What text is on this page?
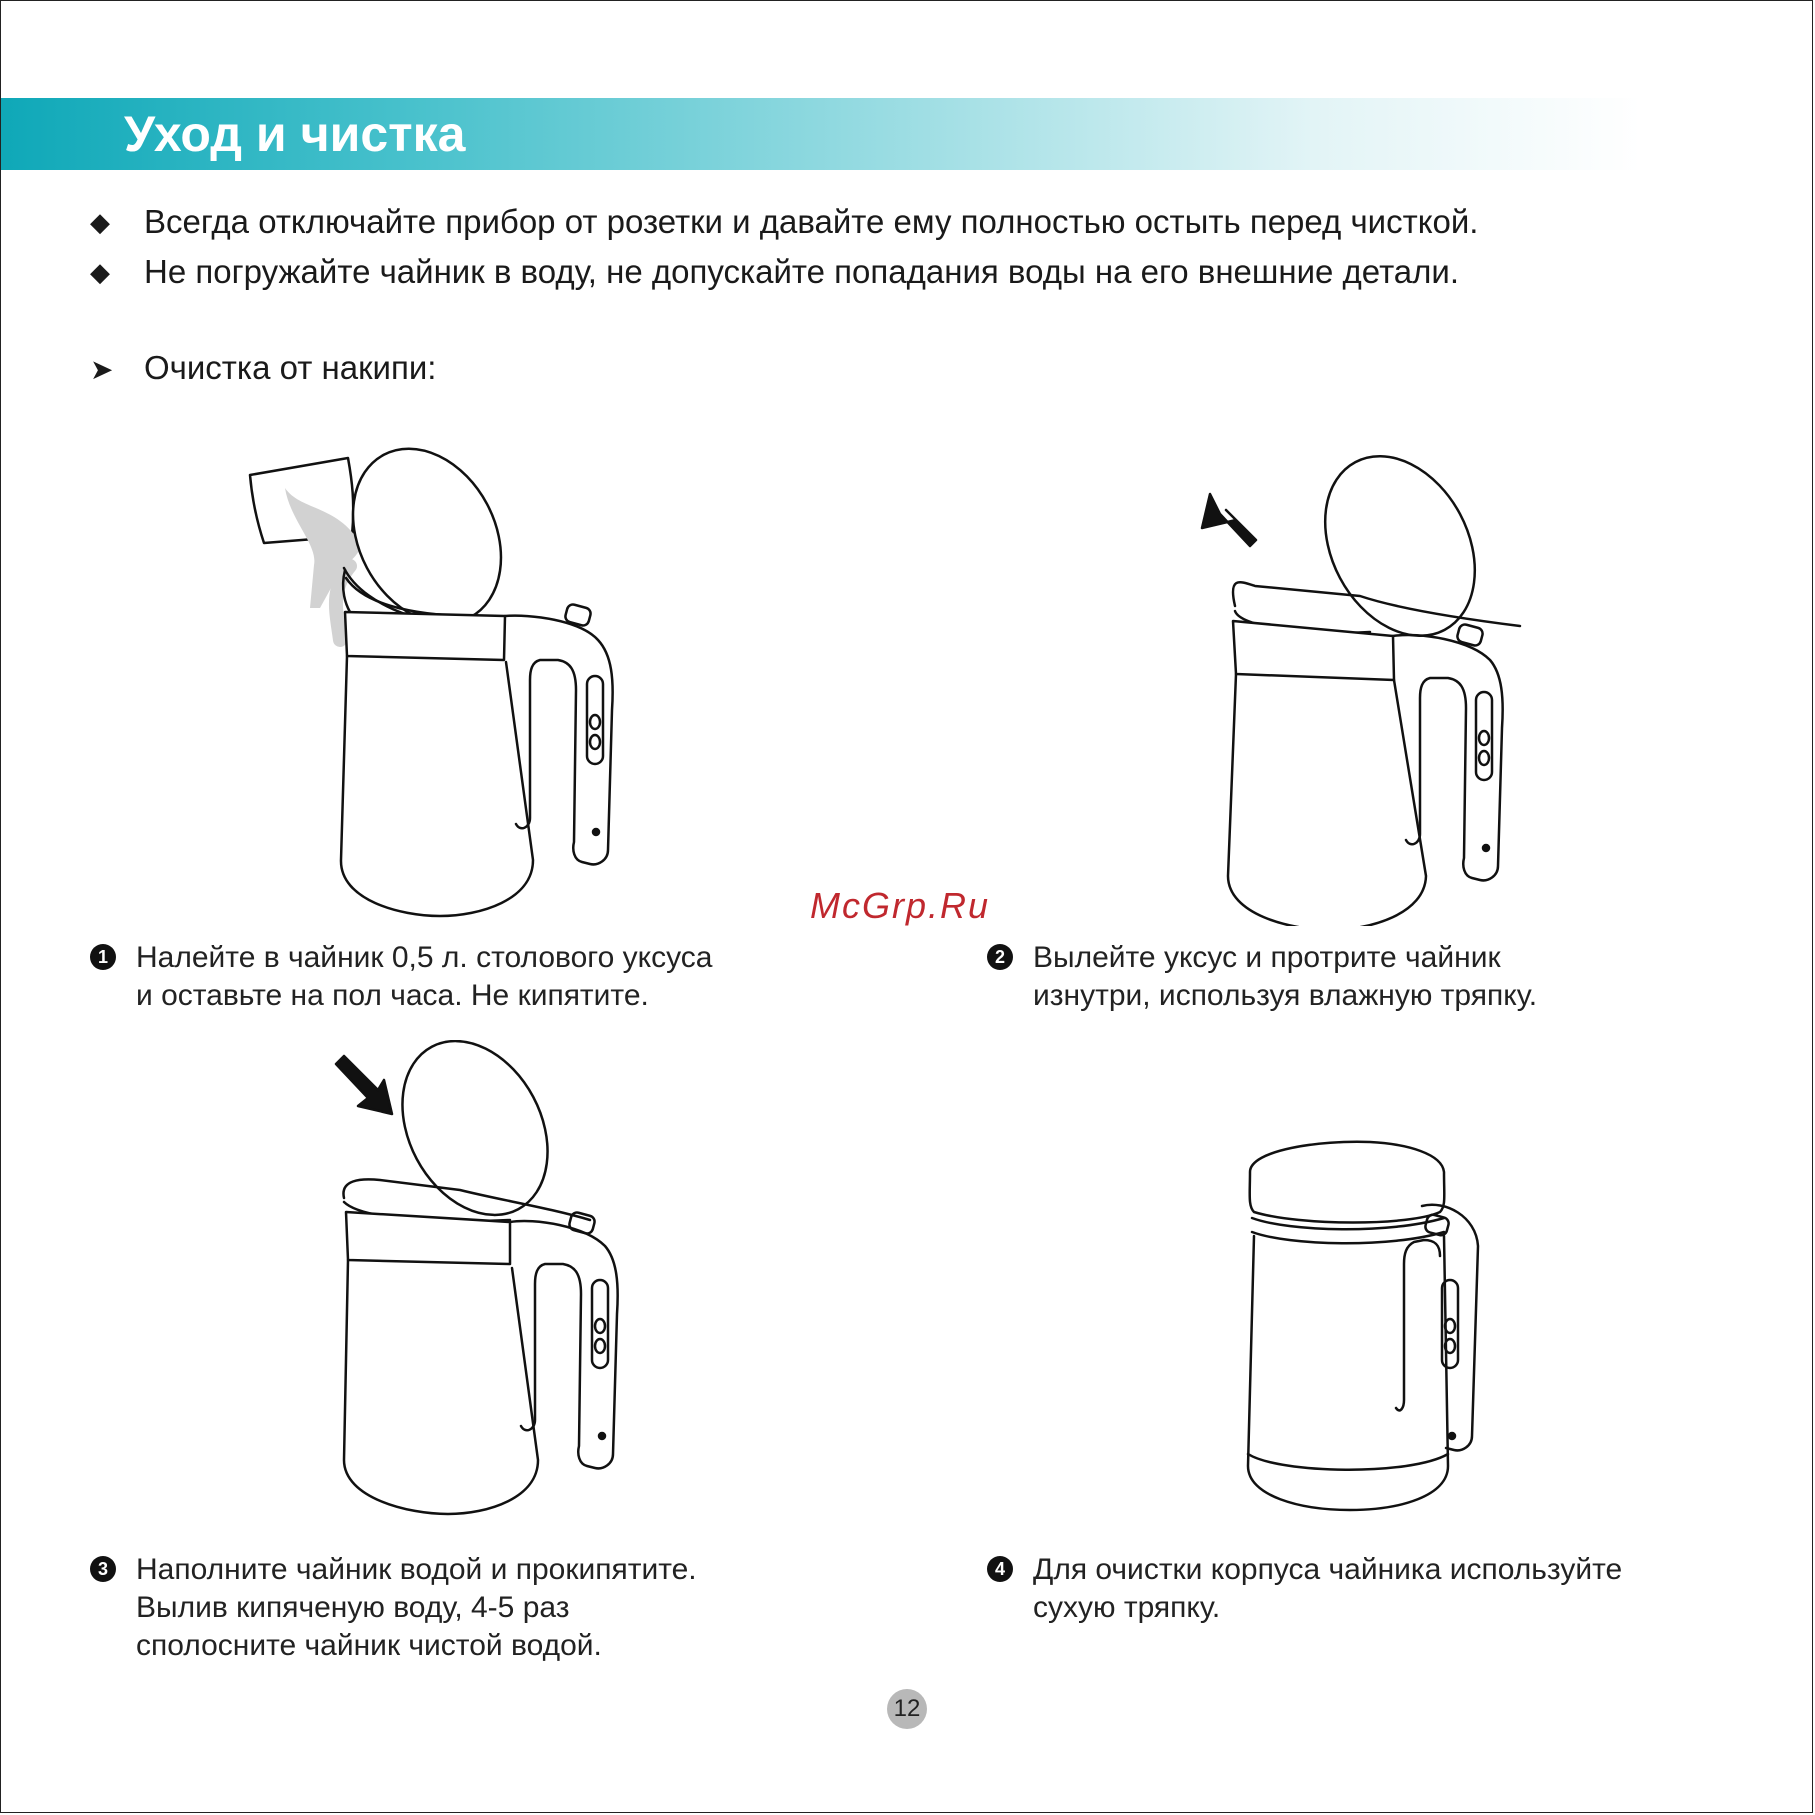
Уход и чистка
◆ Всегда отключайте прибор от розетки и давайте ему полностью остыть перед чисткой.
◆ Не погружайте чайник в воду, не допускайте попадания воды на его внешние детали.
➤ Очистка от накипи:
McGrp.Ru
1 Налейте в чайник 0,5 л. столового уксуса
и оставьте на пол часа. Не кипятите.
2 Вылейте уксус и протрите чайник
изнутри, используя влажную тряпку.
3 Наполните чайник водой и прокипятите.
Вылив кипяченую воду, 4-5 раз
сполосните чайник чистой водой.
4 Для очистки корпуса чайника используйте
сухую тряпку.
12
